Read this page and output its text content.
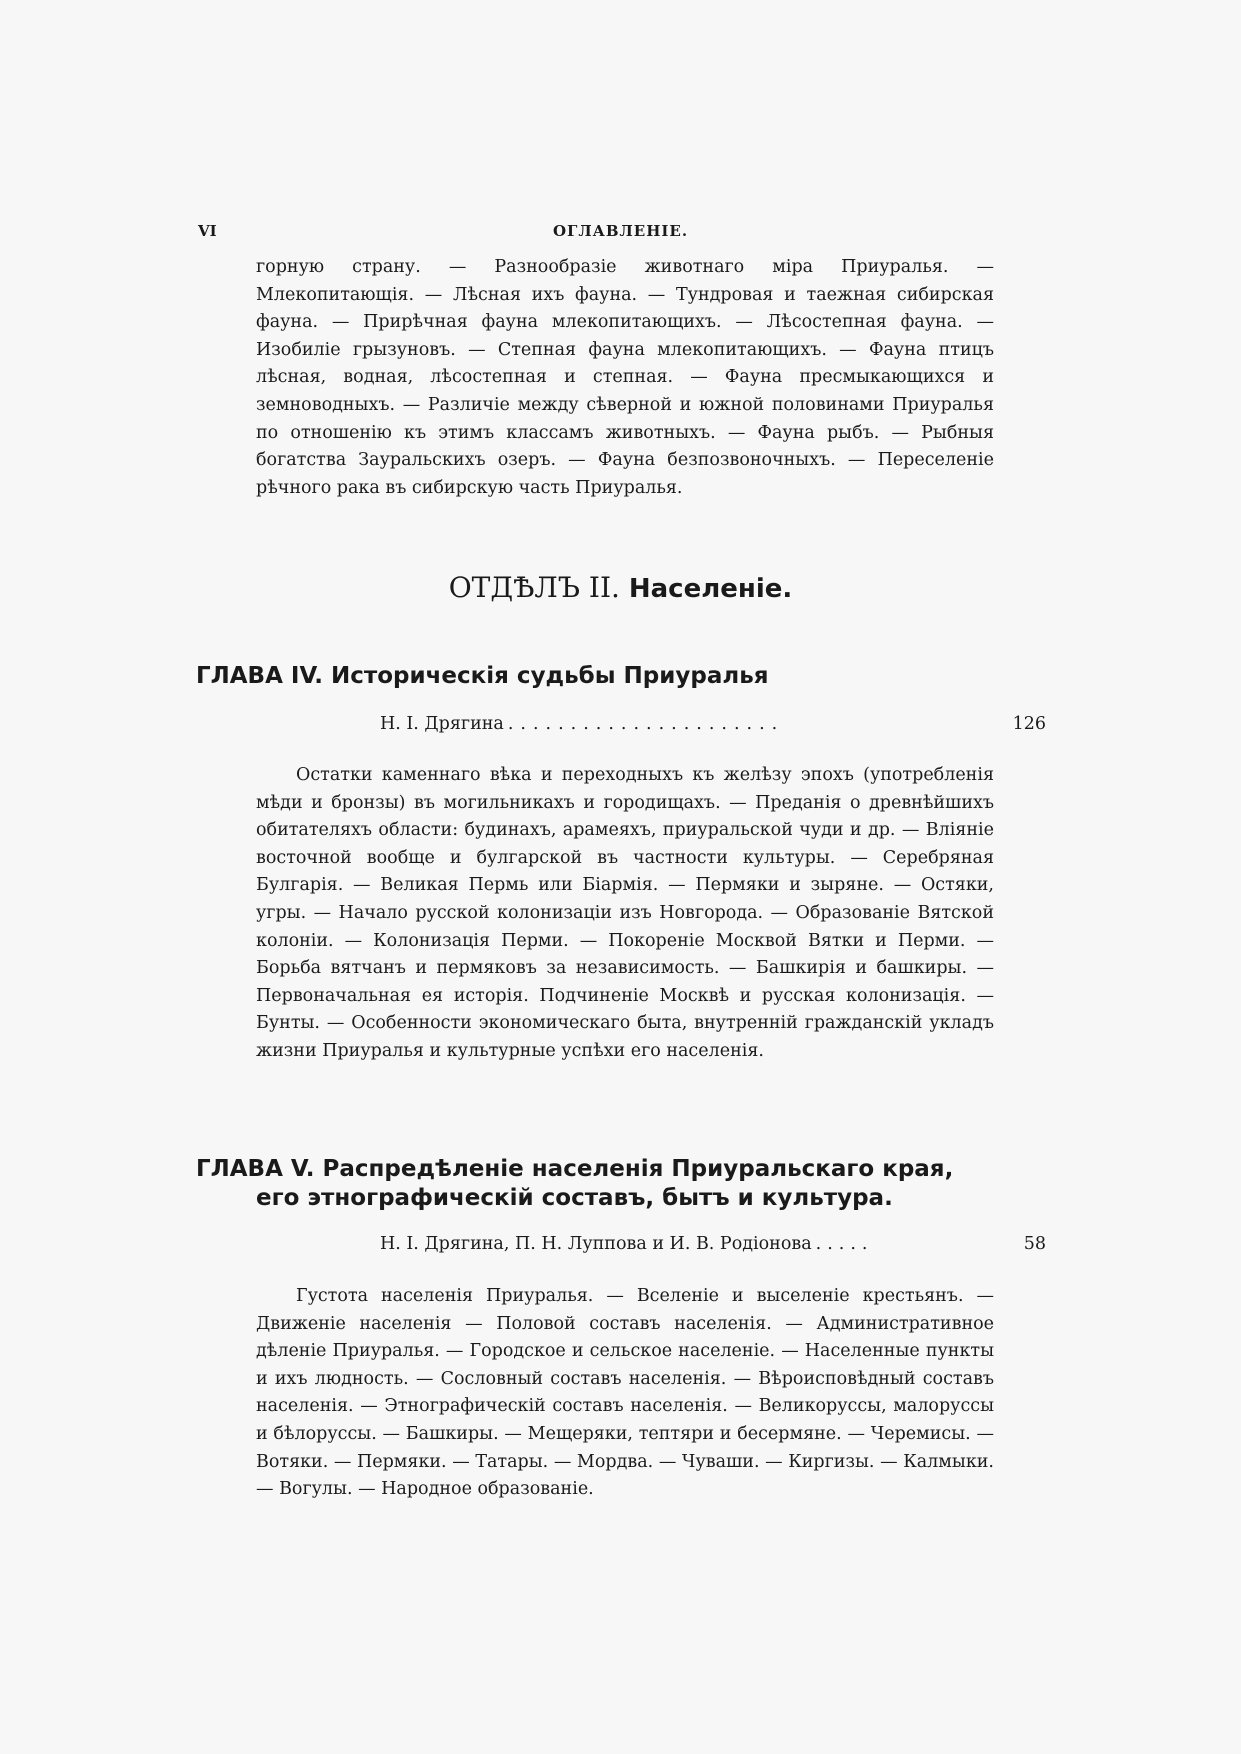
VI	ОГЛАВЛЕНІЕ.

горную страну. — Разнообразіе животнаго міра Приуралья. — Млекопитающія. — Лѣсная ихъ фауна. — Тундровая и таежная сибирская фауна. — Прирѣчная фауна млекопитающихъ. — Лѣсостепная фауна. — Изобиліе грызуновъ. — Степная фауна млекопитающихъ. — Фауна птицъ лѣсная, водная, лѣсостепная и степная. — Фауна пресмыкающихся и земноводныхъ. — Различіе между сѣверной и южной половинами Приуралья по отношенію къ этимъ классамъ животныхъ. — Фауна рыбъ. — Рыбныя богатства Зауральскихъ озеръ. — Фауна безпозвоночныхъ. — Переселеніе рѣчного рака въ сибирскую часть Приуралья.

ОТДѢЛЪ II. Населеніе.
ГЛАВА IV. Историческія судьбы Приуралья
Н. I. Дрягина ......................	126

Остатки каменнаго вѣка и переходныхъ къ желѣзу эпохъ (употребленія мѣди и бронзы) въ могильникахъ и городищахъ. — Преданія о древнѣйшихъ обитателяхъ области: будинахъ, арамеяхъ, приуральской чуди и др. — Вліяніе восточной вообще и булгарской въ частности культуры. — Серебряная Булгарія. — Великая Пермь или Біармія. — Пермяки и зыряне. — Остяки, угры. — Начало русской колонизаціи изъ Новгорода. — Образованіе Вятской колоніи. — Колонизація Перми. — Покореніе Москвой Вятки и Перми. — Борьба вятчанъ и пермяковъ за независимость. — Башкирія и башкиры. — Первоначальная ея исторія. Подчиненіе Москвѣ и русская колонизація. — Бунты. — Особенности экономическаго быта, внутренній гражданскій укладъ жизни Приуралья и культурные успѣхи его населенія.

ГЛАВА V. Распредѣленіе населенія Приуральскаго края,
его этнографическій составъ, бытъ и культура.
Н. I. Дрягина, П. Н. Луппова и И. В. Родіонова .....	58

Густота населенія Приуралья. — Вселеніе и выселеніе крестьянъ. — Движеніе населенія — Половой составъ населенія. — Административное дѣленіе Приуралья. — Городское и сельское населеніе. — Населенные пункты и ихъ людность. — Сословный составъ населенія. — Вѣроисповѣдный составъ населенія. — Этнографическій составъ населенія. — Великоруссы, малоруссы и бѣлоруссы. — Башкиры. — Мещеряки, тептяри и бесермяне. — Черемисы. — Вотяки. — Пермяки. — Татары. — Мордва. — Чуваши. — Киргизы. — Калмыки. — Вогулы. — Народное образованіе.
